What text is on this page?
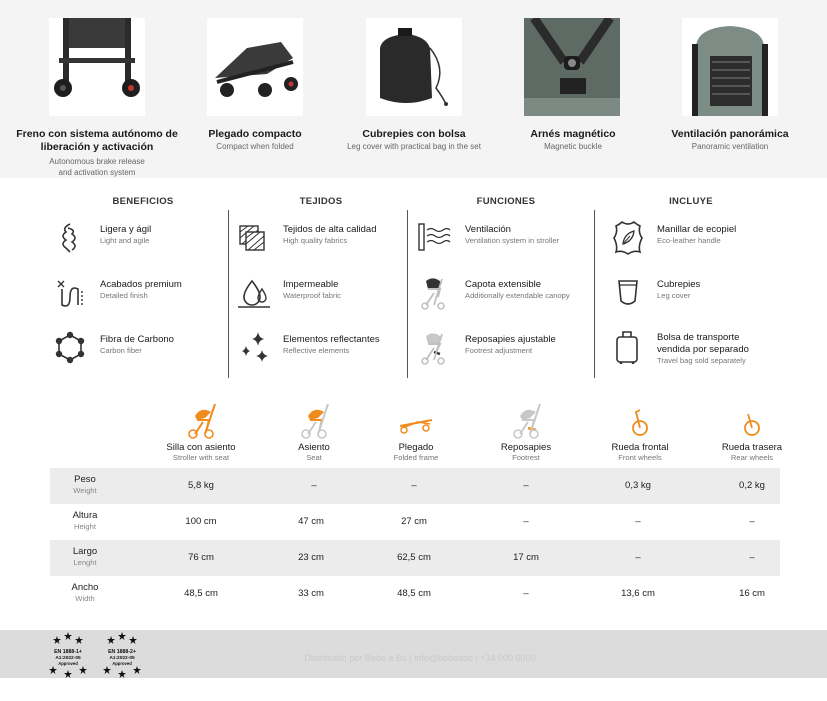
Freno con sistema autónomo de liberación y activación
Autonomous brake release and activation system
Plegado compacto
Compact when folded
Cubrepies con bolsa
Leg cover with practical bag in the set
Arnés magnético
Magnetic buckle
Ventilación panorámica
Panoramic ventilation
BENEFICIOS
Ligera y ágil
Light and agile
Acabados premium
Detailed finish
Fibra de Carbono
Carbon fiber
TEJIDOS
Tejidos de alta calidad
High quality fabrics
Impermeable
Waterproof fabric
Elementos reflectantes
Reflective elements
FUNCIONES
Ventilación
Ventilation system in stroller
Capota extensible
Additionally extendable canopy
Reposapies ajustable
Footrest adjustment
INCLUYE
Manillar de ecopiel
Eco-leather handle
Cubrepies
Leg cover
Bolsa de transporte vendida por separado
Travel bag sold separately
Silla con asiento
Stroller with seat
Asiento
Seat
Plegado
Folded frame
Reposapies
Footrest
Rueda frontal
Front wheels
Rueda trasera
Rear wheels
Peso
Weight	5,8 kg	–	–	–	0,3 kg	0,2 kg
Altura
Height	100 cm	47 cm	27 cm	–	–	–
Largo
Lenght	76 cm	23 cm	62,5 cm	17 cm	–	–
Ancho
Width	48,5 cm	33 cm	48,5 cm	–	13,6 cm	16 cm
EN 1888-1+
A1:2022-05
Approved
EN 1888-2+
A1:2022-05
Approved
Distribuido por Bebe a Bo | info@bebeabo | +34 000 0000
